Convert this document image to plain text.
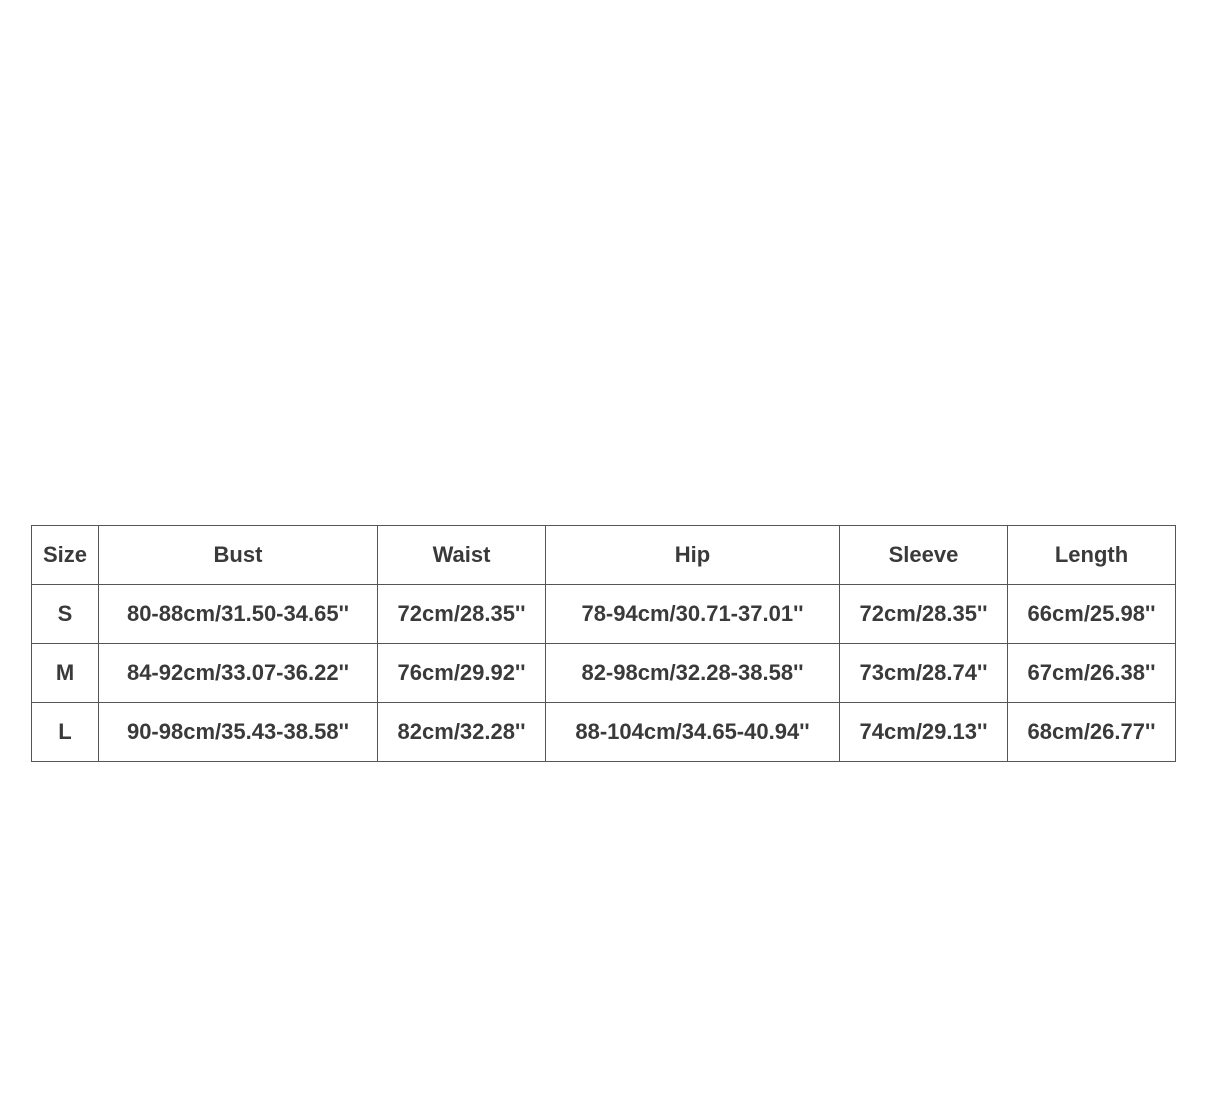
Size	Bust	Waist	Hip	Sleeve	Length
S	80-88cm/31.50-34.65''	72cm/28.35''	78-94cm/30.71-37.01''	72cm/28.35''	66cm/25.98''
M	84-92cm/33.07-36.22''	76cm/29.92''	82-98cm/32.28-38.58''	73cm/28.74''	67cm/26.38''
L	90-98cm/35.43-38.58''	82cm/32.28''	88-104cm/34.65-40.94''	74cm/29.13''	68cm/26.77''
